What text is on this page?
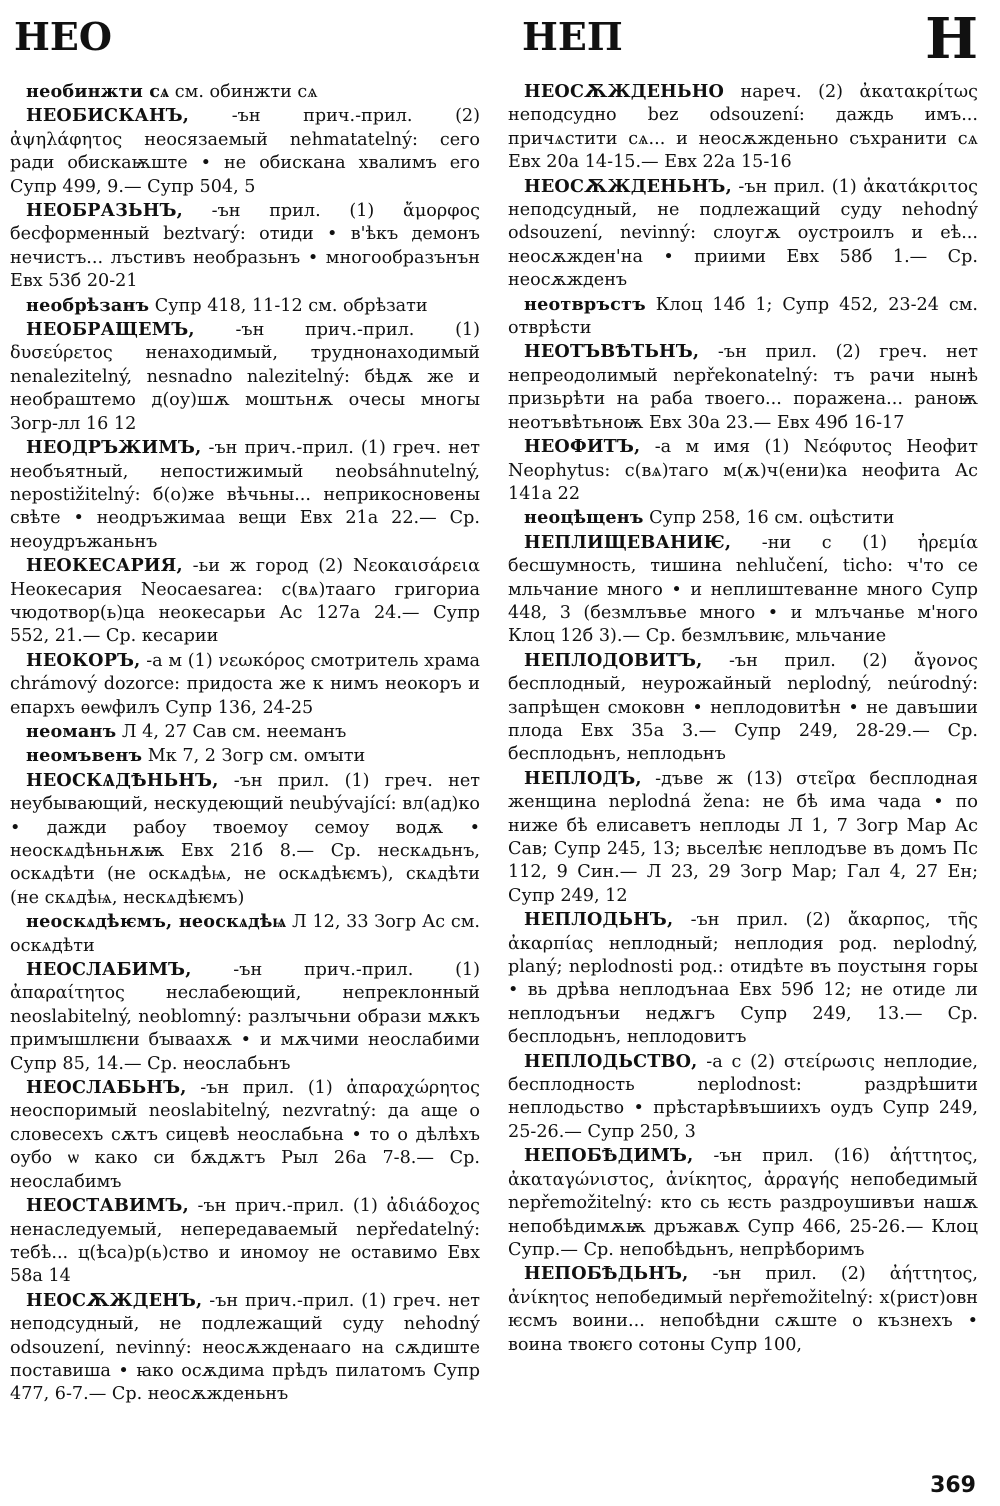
НЕО	НЕП	Н

необинжти сѧ см. обинжти сѧ

НЕОБИСКАНЪ, -ън прич.-прил. (2) ἀψηλάφητος неосязаемый nehmatatelný: сего ради обискаѭште • не обискана хвалимъ его Супр 499, 9.— Супр 504, 5

НЕОБРАЗЬНЪ, -ън прил. (1) ἄμορφος бесформенный beztvarý: отиди • в'ѣкъ демонъ нечистъ... лъстивъ необразьнъ • многообразънън Евх 53б 20-21

необрѣзанъ Супр 418, 11-12 см. обрѣзати

НЕОБРАЩЕМЪ, -ън прич.-прил. (1) δυσεύρετος ненаходимый, труднонаходимый nenalezitelný, nesnadno nalezitelný: бѣдѫ же и необраштемо д(оу)шѫ моштьнѫ очесы многы Зогр-лл 16 12

НЕОДРЪЖИМЪ, -ън прич.-прил. (1) греч. нет необъятный, непостижимый neobsáhnutelný, nepostižitelný: б(о)же вѣчьны... неприкосновены свѣте • неодръжимаа вещи Евх 21а 22.— Ср. неоудръжаньнъ

НЕОКЕСАРИЯ, -ьи ж город (2) Νεοκαισάρεια Неокесария Neocaesarea: с(вѧ)тааго григориа чюдотвор(ь)ца неокесарьи Ас 127а 24.— Супр 552, 21.— Ср. кесарии

НЕОКОРЪ, -а м (1) νεωκόρος смотритель храма chrámový dozorce: придоста же к нимъ неокоръ и епархъ ѳеѡфилъ Супр 136, 24-25

неоманъ Л 4, 27 Сав см. нееманъ

неомъвенъ Мк 7, 2 Зогр см. омꙑти

НЕОСКѦДѢНЬНЪ, -ън прил. (1) греч. нет неубывающий, нескудеющий neubývající: вл(ад)ко • дажди рабоу твоемоу семоу водѫ • неоскѧдѣньнѫѭ Евх 21б 8.— Ср. нескѧдьнъ, оскѧдѣти (не оскѧдѣѩ, не оскѧдѣѥмъ), скѧдѣти (не скѧдѣѩ, нескѧдѣѥмъ)

неоскѧдѣѥмъ, неоскѧдѣѩ Л 12, 33 Зогр Ас см. оскѧдѣти

НЕОСЛАБИМЪ, -ън прич.-прил. (1) ἀπαραίτητος неслабеющий, непреклонный neoslabitelný, neoblomný: разлꙑчьни образи мѫкъ примꙑшлѥни бꙑваахѫ • и мѫчими неослабими Супр 85, 14.— Ср. неослабьнъ

НЕОСЛАБЬНЪ, -ън прил. (1) ἀπαραχώρητος неоспоримый neoslabitelný, nezvratný: да аще о словесехъ сѫтъ сицевѣ неослабьна • то о дѣлѣхъ оубо ѡ како си бѫдѫтъ Рыл 26а 7-8.— Ср. неослабимъ

НЕОСТАВИМЪ, -ън прич.-прил. (1) ἀδιάδοχος ненаследуемый, непередаваемый nepředatelný: тебѣ... ц(ѣса)р(ь)ство и иномоу не оставимо Евх 58а 14

НЕОСѪЖДЕНЪ, -ън прич.-прил. (1) греч. нет неподсудный, не подлежащий суду nehodný odsouzení, nevinný: неосѫжденааго на сѫдиште поставиша • ꙗко осѫдима прѣдъ пилатомъ Супр 477, 6-7.— Ср. неосѫжденьнъ

НЕОСѪЖДЕНЬНО нареч. (2) ἀκατακρίτως неподсудно bez odsouzení: даждь имъ... причѧстити сѧ... и неосѫжденьно съхранити сѧ Евх 20а 14-15.— Евх 22а 15-16

НЕОСѪЖДЕНЬНЪ, -ън прил. (1) ἀκατάκριτος неподсудный, не подлежащий суду nehodný odsouzení, nevinný: слоугѫ оустроилъ и еѣ... неосѫжден'на • приими Евх 58б 1.— Ср. неосѫжденъ

неотвръстъ Клоц 14б 1; Супр 452, 23-24 см. отврѣсти

НЕОТЪВѢТЬНЪ, -ън прил. (2) греч. нет непреодолимый nepřekonatelný: тъ рачи нынѣ призьрѣти на раба твоего... поражена... ранoѭ неотъвѣтьноѭ Евх 30а 23.— Евх 49б 16-17

НЕОФИТЪ, -а м имя (1) Νεόφυτος Неофит Neophytus: с(вѧ)таго м(ѫ)ч(ени)ка неофита Ас 141а 22

неоцѣщенъ Супр 258, 16 см. оцѣстити

НЕПЛИЩЕВАНИѤ, -ни с (1) ἠρεμία бесшумность, тишина nehlučení, ticho: ч'то се мльчание много • и неплиштеванне много Супр 448, 3 (безмлъвье много • и млъчанье м'ного Клоц 12б 3).— Ср. безмлъвиѥ, мльчание

НЕПЛОДОВИТЪ, -ън прил. (2) ἄγονος бесплодный, неурожайный neplodný, neúrodný: запрѣщен смоковн • неплодовитѣн • не давъшии плода Евх 35а 3.— Супр 249, 28-29.— Ср. бесплодьнъ, неплодьнъ

НЕПЛОДЪ, -дъве ж (13) στεῖρα бесплодная женщина neplodná žena: не бѣ има чада • по ниже бѣ елисаветъ неплоды Л 1, 7 Зогр Мар Ас Сав; Супр 245, 13; вьселѣѥ неплодъве въ домъ Пс 112, 9 Син.— Л 23, 29 Зогр Мар; Гал 4, 27 Ен; Супр 249, 12

НЕПЛОДЬНЪ, -ън прил. (2) ἄκαρπος, τῆς ἀκαρπίας неплодный; неплодия род. neplodný, planý; neplodnosti род.: отидѣте въ поустыня горы • вь дрѣва неплодънаа Евх 59б 12; не отиде ли неплодънъи недѫгъ Супр 249, 13.— Ср. бесплодьнъ, неплодовитъ

НЕПЛОДЬСТВО, -а с (2) στείρωσις неплодие, бесплодность neplodnost: раздрѣшити неплодьство • прѣстарѣвъшиихъ оудъ Супр 249, 25-26.— Супр 250, 3

НЕПОБѢДИМЪ, -ън прил. (16) ἀήττητος, ἀκαταγώνιστος, ἀνίκητος, ἀρραγής непобедимый nepřemožitelný: кто сь ѥсть раздроушивъи нашѫ непобѣдимѫѭ дръжавѫ Супр 466, 25-26.— Клоц Супр.— Ср. непобѣдьнъ, непрѣборимъ

НЕПОБѢДЬНЪ, -ън прил. (2) ἀήττητος, ἀνίκητος непобедимый nepřemožitelný: х(рист)овн ѥсмъ воини... непобѣдни сѫште о къзнехъ • воина твоѥго сотоны Супр 100,

369
